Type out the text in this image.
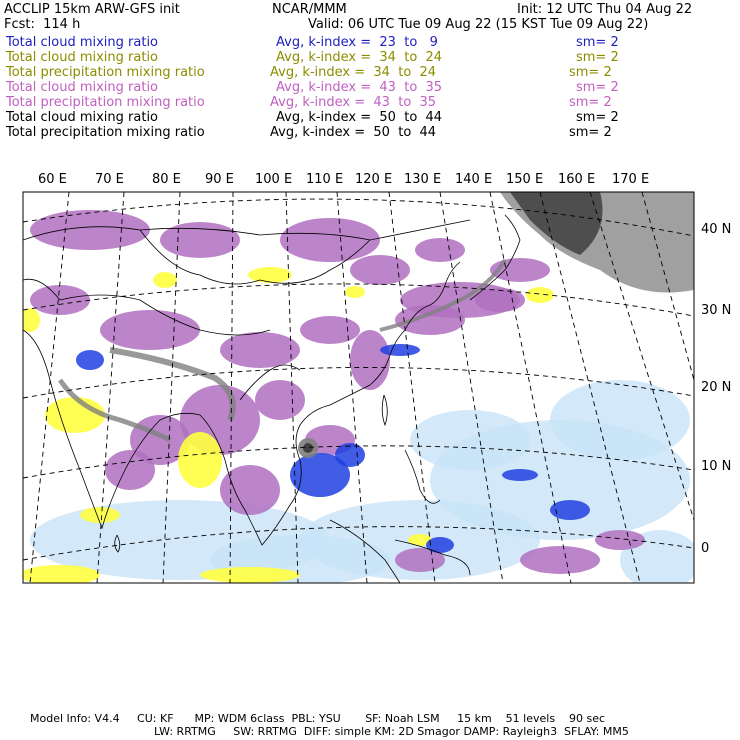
ACCLIP 15km ARW-GFS init	NCAR/MMM	Init: 12 UTC Thu 04 Aug 22
Fcst:  114 h	Valid: 06 UTC Tue 09 Aug 22 (15 KST Tue 09 Aug 22)
Total cloud mixing ratio	Avg, k-index =  23  to   9	sm= 2
Total cloud mixing ratio	Avg, k-index =  34  to  24	sm= 2
Total precipitation mixing ratio	Avg, k-index =  34  to  24	sm= 2
Total cloud mixing ratio	Avg, k-index =  43  to  35	sm= 2
Total precipitation mixing ratio	Avg, k-index =  43  to  35	sm= 2
Total cloud mixing ratio	Avg, k-index =  50  to  44	sm= 2
Total precipitation mixing ratio	Avg, k-index =  50  to  44	sm= 2
60 E 70 E 80 E 90 E 100 E 110 E 120 E 130 E 140 E 150 E 160 E 170 E
40 N
30 N
20 N
10 N
0
Model Info: V4.4     CU: KF      MP: WDM 6class  PBL: YSU       SF: Noah LSM     15 km    51 levels    90 sec
LW: RRTMG     SW: RRTMG  DIFF: simple KM: 2D Smagor DAMP: Rayleigh3  SFLAY: MM5
